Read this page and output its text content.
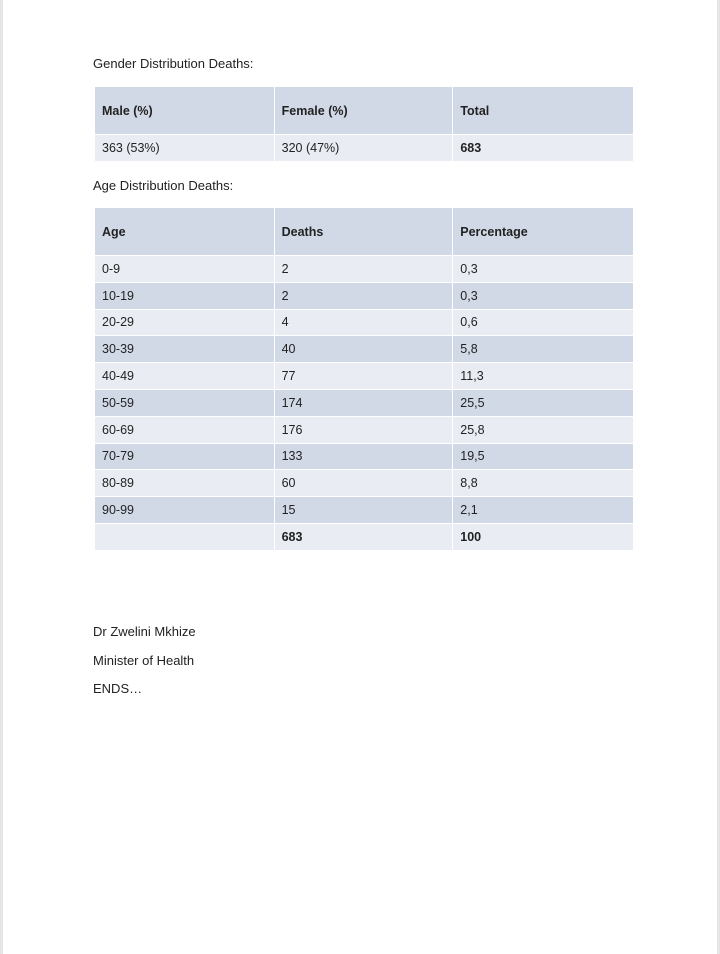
Gender Distribution Deaths:
Male (%)	Female (%)	Total
363 (53%)	320 (47%)	683
Age Distribution Deaths:
Age	Deaths	Percentage
0-9	2	0,3
10-19	2	0,3
20-29	4	0,6
30-39	40	5,8
40-49	77	11,3
50-59	174	25,5
60-69	176	25,8
70-79	133	19,5
80-89	60	8,8
90-99	15	2,1
	683	100
Dr Zwelini Mkhize
Minister of Health
ENDS…
